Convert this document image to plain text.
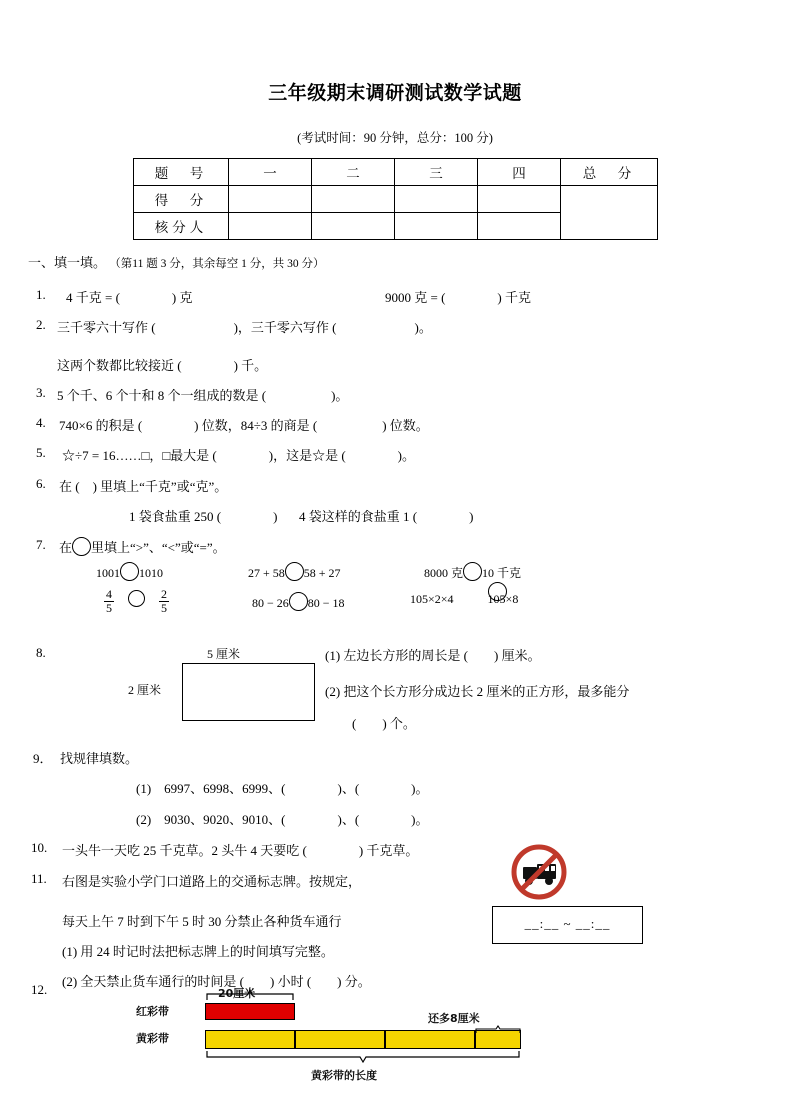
三年级期末调研测试数学试题
(考试时间：90 分钟，总分：100 分)
题　号	一	二	三	四	总　分
得　分					
核分人					
一、填一填。 （第11 题 3 分，其余每空 1 分，共 30 分）
1. 4 千克 = (　　　　) 克	9000 克 = (　　　　) 千克
2. 三千零六十写作 (　　　　　　)，三千零六写作 (　　　　　　)。
这两个数都比较接近 (　　　　) 千。
3. 5 个千、6 个十和 8 个一组成的数是 (　　　　　)。
4. 740×6 的积是 (　　　　) 位数，84÷3 的商是 (　　　　　) 位数。
5. ☆÷7 = 16……□，□最大是 (　　　　)，这是☆是 (　　　　)。
6. 在 (　) 里填上“千克”或“克”。
1 袋食盐重 250 (　　　　) 4 袋这样的食盐重 1 (　　　　)
7. 在 里填上“>”、“<”或“=”。
1001 1010	27 + 58 58 + 27	8000 克 10 千克
$\frac{4}{5}$	$\frac{2}{5}$	80 − 26 80 − 18	105×2×4	105×8
8.	5 厘米
2 厘米
(1) 左边长方形的周长是 (　　) 厘米。
(2) 把这个长方形分成边长 2 厘米的正方形，最多能分
(　　) 个。
9． 找规律填数。
(1)　6997、6998、6999、(　　　　)、(　　　　)。
(2)　9030、9020、9010、(　　　　)、(　　　　)。
10. 一头牛一天吃 25 千克草。2 头牛 4 天要吃 (　　　　) 千克草。
11. 右图是实验小学门口道路上的交通标志牌。按规定，
每天上午 7 时到下午 5 时 30 分禁止各种货车通行
(1) 用 24 时记时法把标志牌上的时间填写完整。
(2) 全天禁止货车通行的时间是 (　　) 小时 (　　) 分。
__:__ ~ __:__
12.	20厘米
红彩带
黄彩带
还多8厘米
黄彩带的长度
